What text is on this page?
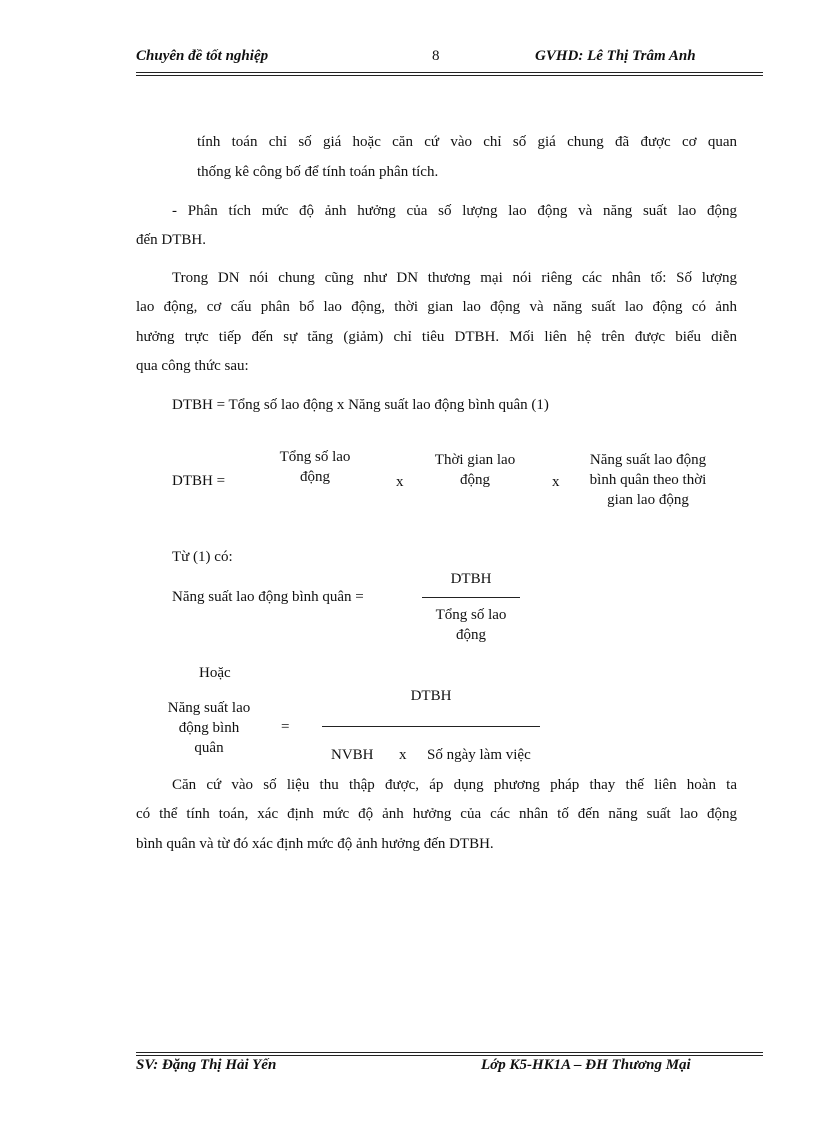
Chuyên đề tốt nghiệp	8	GVHD: Lê Thị Trâm Anh
tính toán chỉ số giá hoặc căn cứ vào chỉ số giá chung đã được cơ quan
thống kê công bố để tính toán phân tích.
- Phân tích mức độ ảnh hưởng của số lượng lao động và năng suất lao động
đến DTBH.
Trong DN nói chung cũng như DN thương mại nói riêng các nhân tố: Số lượng
lao động, cơ cấu phân bổ lao động, thời gian lao động và năng suất lao động có ảnh
hưởng trực tiếp đến sự tăng (giảm) chỉ tiêu DTBH. Mối liên hệ trên được biểu diễn
qua công thức sau:
DTBH = Tổng số lao động x Năng suất lao động bình quân (1)
DTBH =
Tổng số lao động	x
Thời gian lao động	x
Năng suất lao động bình quân theo thời gian lao động
Từ (1) có:
Năng suất lao động bình quân =
DTBH
Tổng số lao động
Hoặc
Năng suất lao động bình quân
=
DTBH
NVBH x Số ngày làm việc
Căn cứ vào số liệu thu thập được, áp dụng phương pháp thay thế liên hoàn ta
có thể tính toán, xác định mức độ ảnh hưởng của các nhân tố đến năng suất lao động
bình quân và từ đó xác định mức độ ảnh hưởng đến DTBH.
SV: Đặng Thị Hải Yến	Lớp K5-HK1A – ĐH Thương Mại
